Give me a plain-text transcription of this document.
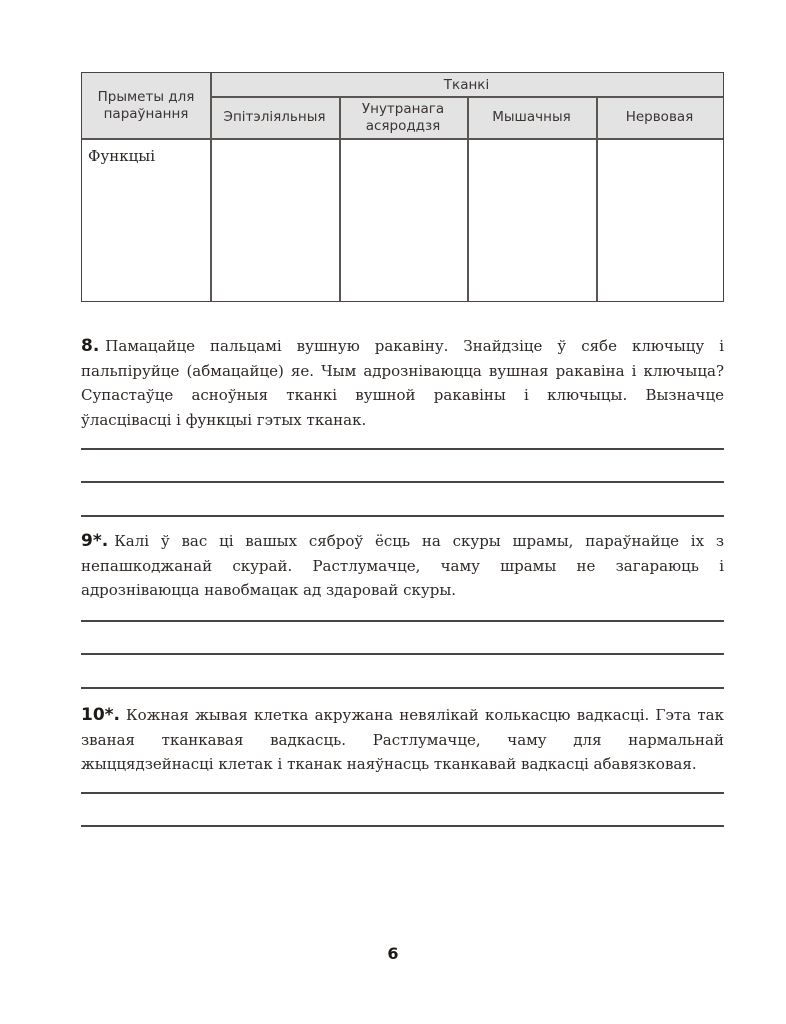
Прыметы для параўнання
Тканкі
Эпітэліяльныя
Унутранага асяроддзя
Мышачныя	Нервовая
Функцыі

8. Памацайце пальцамі вушную ракавіну. Знайдзіце ў сябе ключыцу і пальпіруйце (абмацайце) яе. Чым адрозніваюцца вушная ракавіна і ключыца? Супастаўце асноўныя тканкі вушной ракавіны і ключыцы. Вызначце ўласцівасці і функцыі гэтых тканак.

9*. Калі ў вас ці вашых сяброў ёсць на скуры шрамы, параўнайце іх з непашкоджанай скурай. Растлумачце, чаму шрамы не загараюць і адрозніваюцца навобмацак ад здаровай скуры.

10*. Кожная жывая клетка акружана невялікай колькасцю вадкасці. Гэта так званая тканкавая вадкасць. Растлумачце, чаму для нармальнай жыццядзейнасці клетак і тканак наяўнасць тканкавай вадкасці абавязковая.

6
